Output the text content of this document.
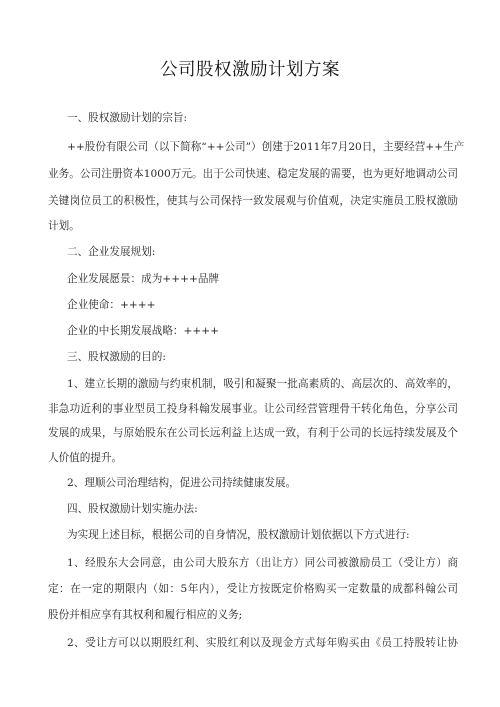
公司股权激励计划方案
一、股权激励计划的宗旨:
++股份有限公司（以下简称“++公司”）创建于2011年7月20日，主要经营++生产
业务。公司注册资本1000万元。出于公司快速、稳定发展的需要，也为更好地调动公司
关键岗位员工的积极性，使其与公司保持一致发展观与价值观，决定实施员工股权激励
计划。
二、企业发展规划:
企业发展愿景：成为++++品牌
企业使命：++++
企业的中长期发展战略：++++
三、股权激励的目的:
1、建立长期的激励与约束机制，吸引和凝聚一批高素质的、高层次的、高效率的，
非急功近利的事业型员工投身科翰发展事业。让公司经营管理骨干转化角色，分享公司
发展的成果，与原始股东在公司长远利益上达成一致，有利于公司的长远持续发展及个
人价值的提升。
2、理顺公司治理结构，促进公司持续健康发展。
四、股权激励计划实施办法:
为实现上述目标，根据公司的自身情况，股权激励计划依据以下方式进行:
1、经股东大会同意，由公司大股东方（出让方）同公司被激励员工（受让方）商
定：在一定的期限内（如：5年内），受让方按既定价格购买一定数量的成都科翰公司
股份并相应享有其权利和履行相应的义务;
2、受让方可以以期股红利、实股红利以及现金方式每年购买由《员工持股转让协
